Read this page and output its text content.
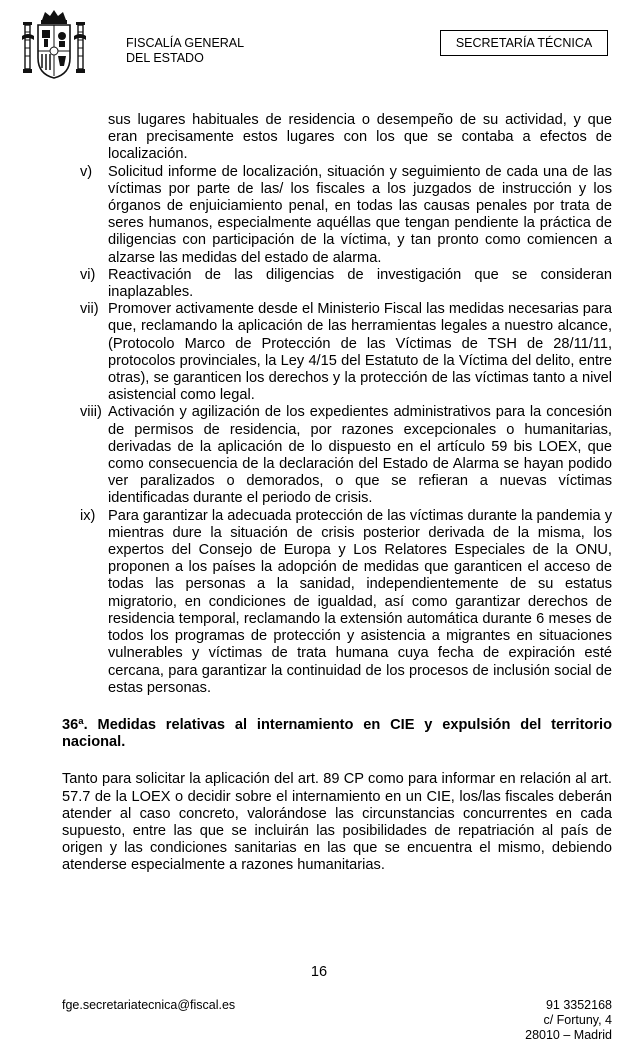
FISCALÍA GENERAL
DEL ESTADO
SECRETARÍA TÉCNICA
sus lugares habituales de residencia o desempeño de su actividad, y que eran precisamente estos lugares con los que se contaba a efectos de localización.
v)	Solicitud informe de localización, situación y seguimiento de cada una de las víctimas por parte de las/ los fiscales a los juzgados de instrucción y los órganos de enjuiciamiento penal, en todas las causas penales por trata de seres humanos, especialmente aquéllas que tengan pendiente la práctica de diligencias con participación de la víctima, y tan pronto como comiencen a alzarse las medidas del estado de alarma.
vi) Reactivación de las diligencias de investigación que se consideran inaplazables.
vii) Promover activamente desde el Ministerio Fiscal las medidas necesarias para que, reclamando la aplicación de las herramientas legales a nuestro alcance, (Protocolo Marco de Protección de las Víctimas de TSH de 28/11/11, protocolos provinciales, la Ley 4/15 del Estatuto de la Víctima del delito, entre otras), se garanticen los derechos y la protección de las víctimas tanto a nivel asistencial como legal.
viii) Activación y agilización de los expedientes administrativos para la concesión de permisos de residencia, por razones excepcionales o humanitarias, derivadas de la aplicación de lo dispuesto en el artículo 59 bis LOEX, que como consecuencia de la declaración del Estado de Alarma se hayan podido ver paralizados o demorados, o que se refieran a nuevas víctimas identificadas durante el periodo de crisis.
ix) Para garantizar la adecuada protección de las víctimas durante la pandemia y mientras dure la situación de crisis posterior derivada de la misma, los expertos del Consejo de Europa y Los Relatores Especiales de la ONU, proponen a los países la adopción de medidas que garanticen el acceso de todas las personas a la sanidad, independientemente de su estatus migratorio, en condiciones de igualdad, así como garantizar derechos de residencia temporal, reclamando la extensión automática durante 6 meses de todos los programas de protección y asistencia a migrantes en situaciones vulnerables y víctimas de trata humana cuya fecha de expiración esté cercana, para garantizar la continuidad de los procesos de inclusión social de estas personas.
36ª. Medidas relativas al internamiento en CIE y expulsión del territorio nacional.
Tanto para solicitar la aplicación del art. 89 CP como para informar en relación al art. 57.7 de la LOEX o decidir sobre el internamiento en un CIE, los/las fiscales deberán atender al caso concreto, valorándose las circunstancias concurrentes en cada supuesto, entre las que se incluirán las posibilidades de repatriación al país de origen y las condiciones sanitarias en las que se encuentra el mismo, debiendo atenderse especialmente a razones humanitarias.
16
fge.secretariatecnica@fiscal.es	91 3352168
c/ Fortuny, 4
28010 – Madrid
